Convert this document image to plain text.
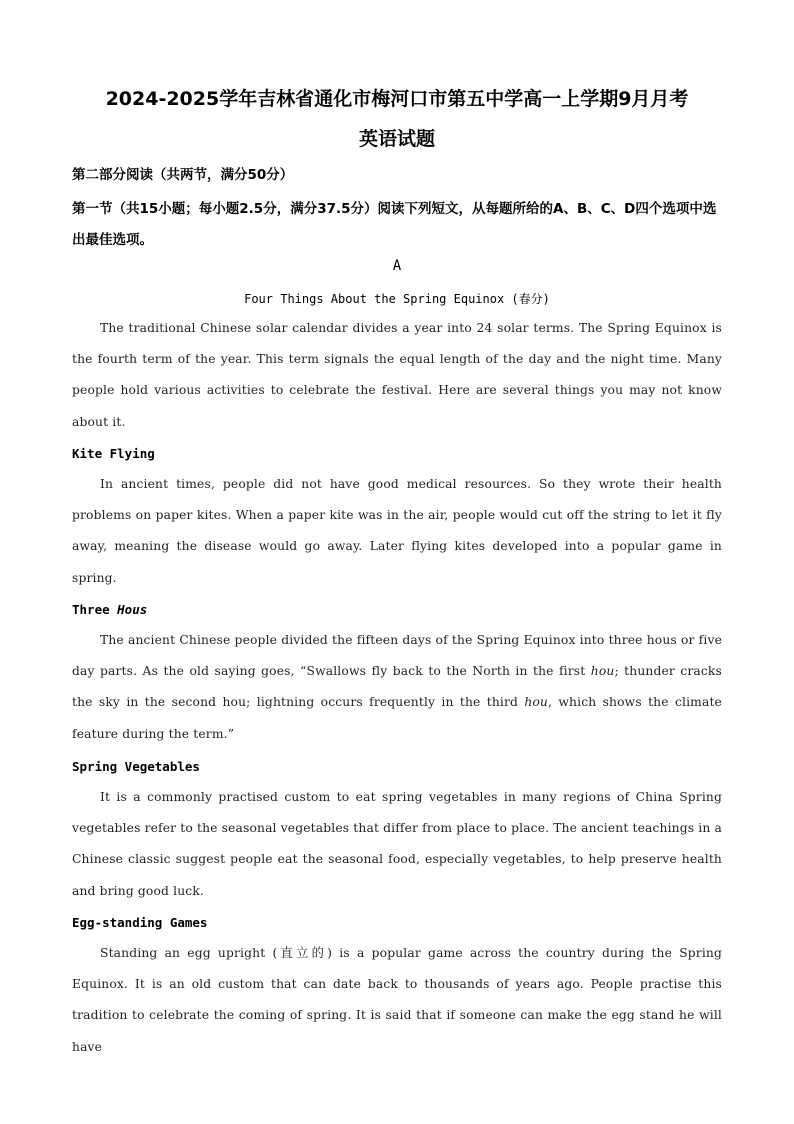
2024-2025学年吉林省通化市梅河口市第五中学高一上学期9月月考
英语试题
第二部分阅读（共两节，满分50分）
第一节（共15小题；每小题2.5分，满分37.5分）阅读下列短文，从每题所给的A、B、C、D四个选项中选出最佳选项。
A
Four Things About the Spring Equinox (春分)

The traditional Chinese solar calendar divides a year into 24 solar terms. The Spring Equinox is the fourth term of the year. This term signals the equal length of the day and the night time. Many people hold various activities to celebrate the festival. Here are several things you may not know about it.

Kite Flying

In ancient times, people did not have good medical resources. So they wrote their health problems on paper kites. When a paper kite was in the air, people would cut off the string to let it fly away, meaning the disease would go away. Later flying kites developed into a popular game in spring.

Three Hous

The ancient Chinese people divided the fifteen days of the Spring Equinox into three hous or five day parts. As the old saying goes, “Swallows fly back to the North in the first hou; thunder cracks the sky in the second hou; lightning occurs frequently in the third hou, which shows the climate feature during the term.”

Spring Vegetables

It is a commonly practised custom to eat spring vegetables in many regions of China Spring vegetables refer to the seasonal vegetables that differ from place to place. The ancient teachings in a Chinese classic suggest people eat the seasonal food, especially vegetables, to help preserve health and bring good luck.

Egg-standing Games

Standing an egg upright (直立的) is a popular game across the country during the Spring Equinox. It is an old custom that can date back to thousands of years ago. People practise this tradition to celebrate the coming of spring. It is said that if someone can make the egg stand he will have
